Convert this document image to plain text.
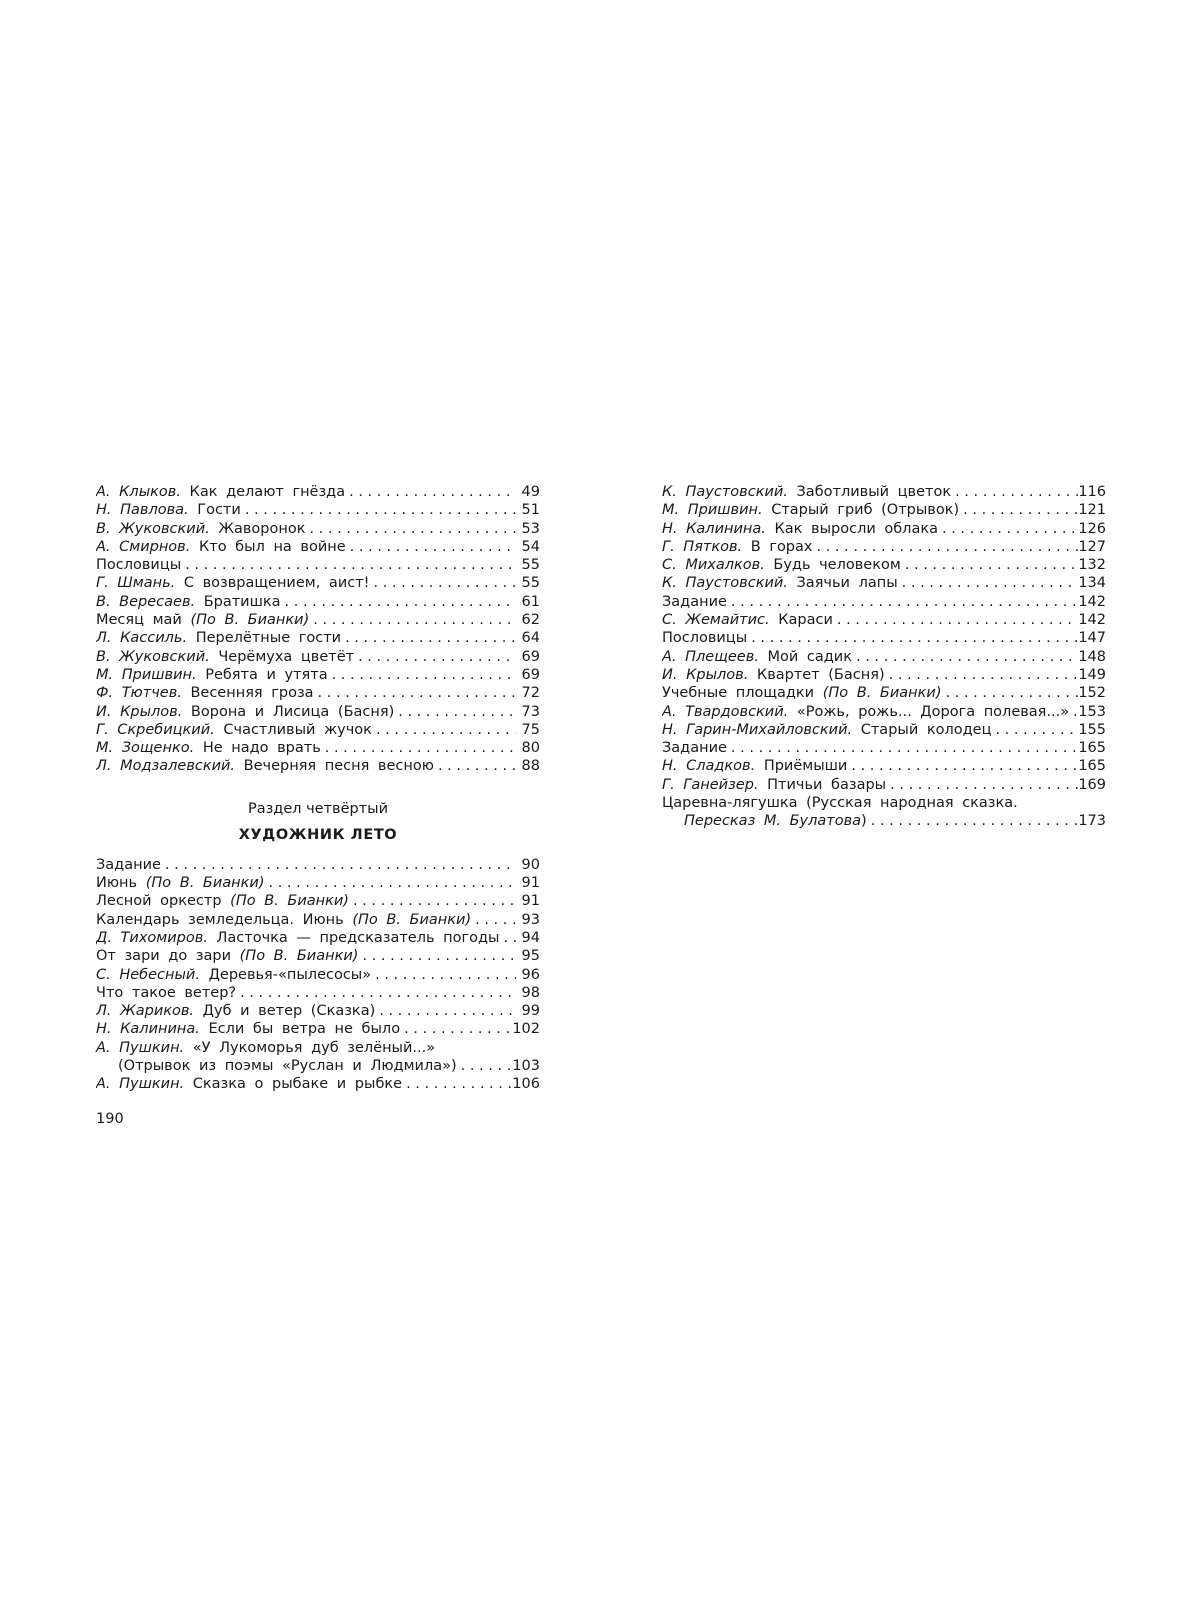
А. Клыков. Как делают гнёзда . . .	49
Н. Павлова. Гости . . .	51
В. Жуковский. Жаворонок . . .	53
А. Смирнов. Кто был на войне . . .	54
Пословицы . . .	55
Г. Шмань. С возвращением, аист! . . .	55
В. Вересаев. Братишка . . .	61
Месяц май (По В. Бианки) . . .	62
Л. Кассиль. Перелётные гости . . .	64
В. Жуковский. Черёмуха цветёт . . .	69
М. Пришвин. Ребята и утята . . .	69
Ф. Тютчев. Весенняя гроза . . .	72
И. Крылов. Ворона и Лисица (Басня) . . .	73
Г. Скребицкий. Счастливый жучок . . .	75
М. Зощенко. Не надо врать . . .	80
Л. Модзалевский. Вечерняя песня весною . . .	88
Раздел четвёртый
ХУДОЖНИК ЛЕТО
Задание . . .	90
Июнь (По В. Бианки) . . .	91
Лесной оркестр (По В. Бианки) . . .	91
Календарь земледельца. Июнь (По В. Бианки) . . .	93
Д. Тихомиров. Ласточка — предсказатель погоды . . .	94
От зари до зари (По В. Бианки) . . .	95
С. Небесный. Деревья-«пылесосы» . . .	96
Что такое ветер? . . .	98
Л. Жариков. Дуб и ветер (Сказка) . . .	99
Н. Калинина. Если бы ветра не было . . .	102
А. Пушкин. «У Лукоморья дуб зелёный...»
(Отрывок из поэмы «Руслан и Людмила») . . .	103
А. Пушкин. Сказка о рыбаке и рыбке . . .	106
К. Паустовский. Заботливый цветок . . .	116
М. Пришвин. Старый гриб (Отрывок) . . .	121
Н. Калинина. Как выросли облака . . .	126
Г. Пятков. В горах . . .	127
С. Михалков. Будь человеком . . .	132
К. Паустовский. Заячьи лапы . . .	134
Задание . . .	142
С. Жемайтис. Караси . . .	142
Пословицы . . .	147
А. Плещеев. Мой садик . . .	148
И. Крылов. Квартет (Басня) . . .	149
Учебные площадки (По В. Бианки) . . .	152
А. Твардовский. «Рожь, рожь... Дорога полевая...» . . . 153
Н. Гарин-Михайловский. Старый колодец . . .	155
Задание . . .	165
Н. Сладков. Приёмыши . . .	165
Г. Ганейзер. Птичьи базары . . .	169
Царевна-лягушка (Русская народная сказка.
Пересказ М. Булатова) . . .	173
190
